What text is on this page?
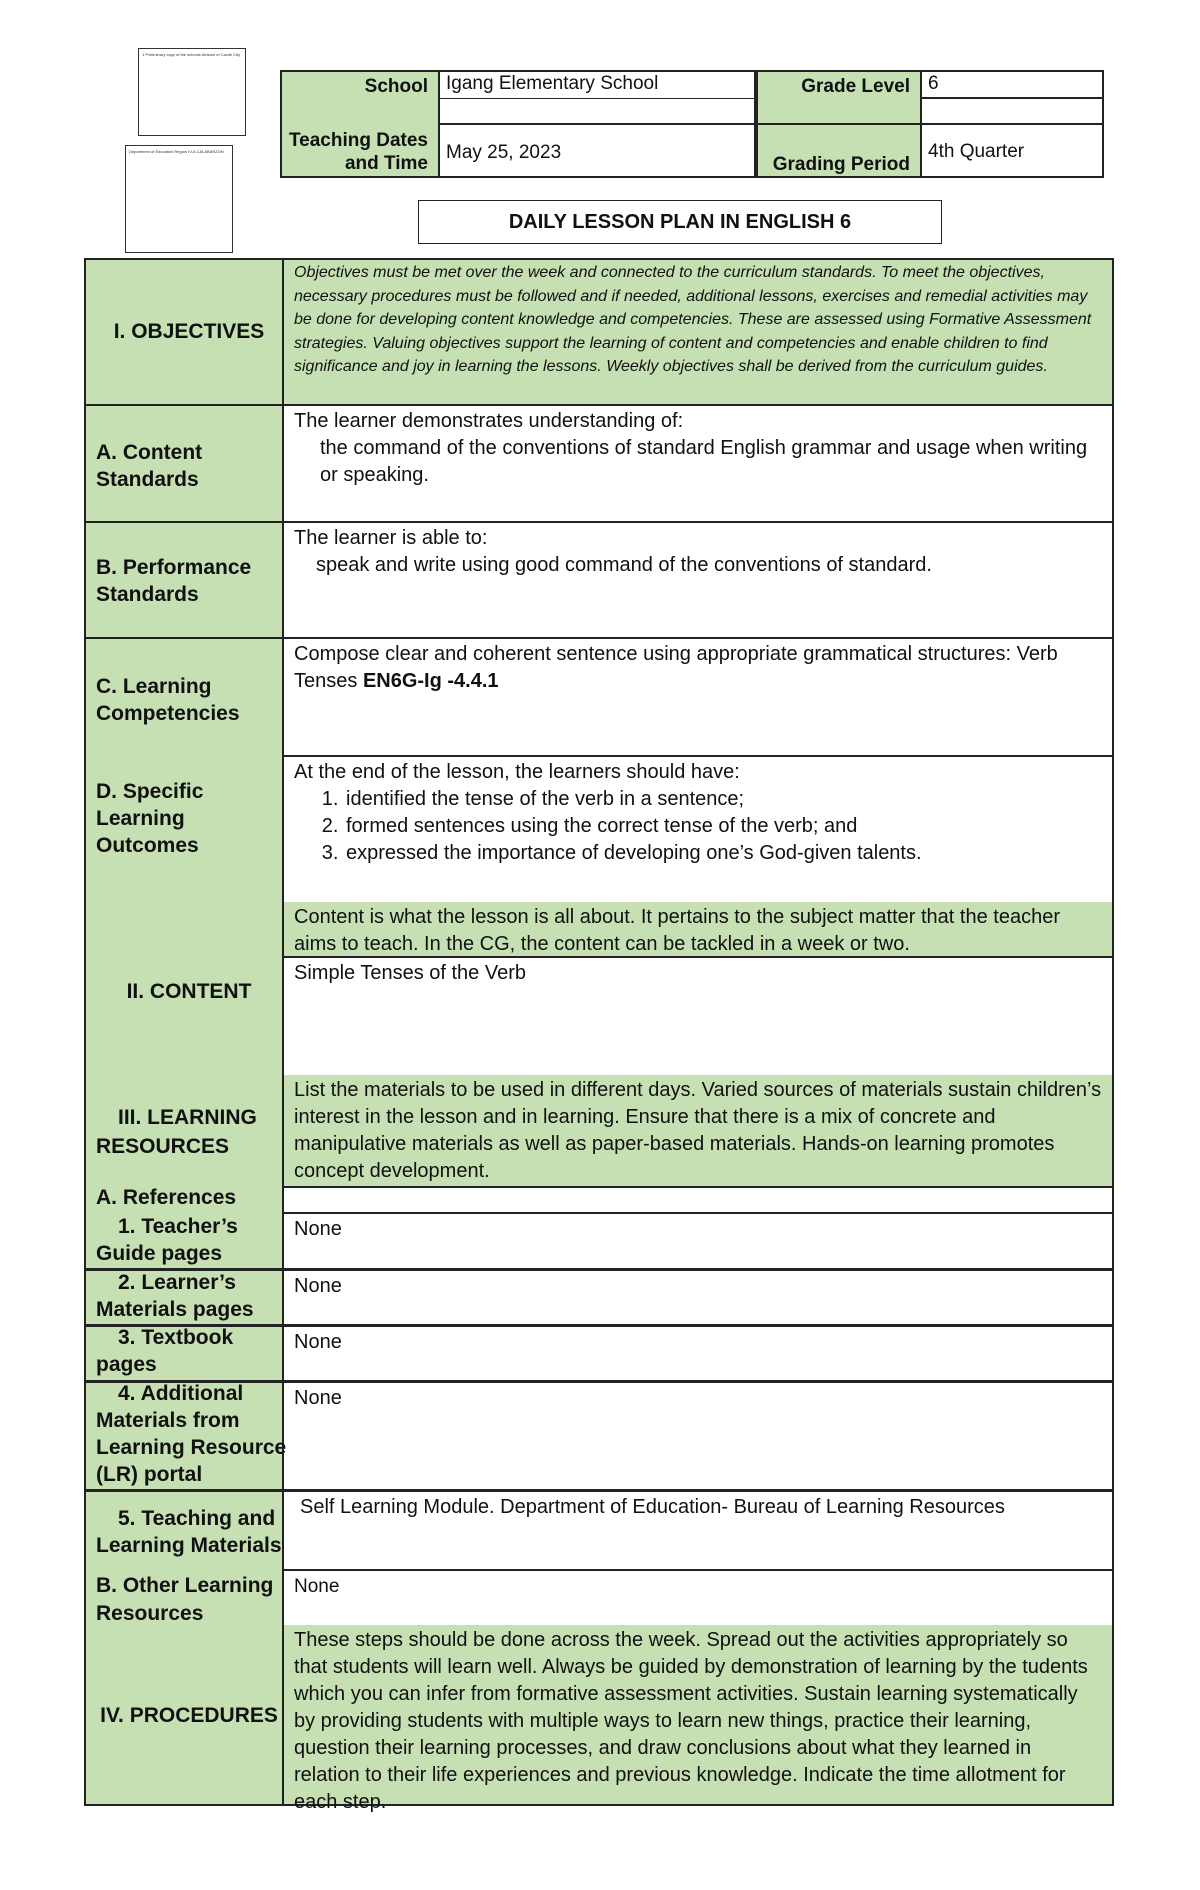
1 Preliminary copy of the schools division of Cavite City
Department of Education Region IV-A CALABARZON
School Igang Elementary School	Grade Level 6
Teaching Dates
and Time
May 25, 2023
Grading Period
4th Quarter
DAILY LESSON PLAN IN ENGLISH 6
Objectives must be met over the week and connected to the curriculum standards. To meet the objectives, necessary procedures must be followed and if needed, additional lessons, exercises and remedial activities may be done for developing content knowledge and competencies. These are assessed using Formative Assessment strategies. Valuing objectives support the learning of content and competencies and enable children to find significance and joy in learning the lessons. Weekly objectives shall be derived from the curriculum guides.
I. OBJECTIVES
The learner demonstrates understanding of:
the command of the conventions of standard English grammar and usage when writing or speaking.
A. Content
Standards
The learner is able to:
speak and write using good command of the conventions of standard.
B. Performance
Standards
Compose clear and coherent sentence using appropriate grammatical structures: Verb Tenses EN6G-Ig -4.4.1
C. Learning
Competencies
At the end of the lesson, the learners should have:
1. identified the tense of the verb in a sentence;
2. formed sentences using the correct tense of the verb; and
3. expressed the importance of developing one’s God-given talents.
D. Specific
Learning
Outcomes
Content is what the lesson is all about. It pertains to the subject matter that the teacher aims to teach. In the CG, the content can be tackled in a week or two.
Simple Tenses of the Verb
II. CONTENT
List the materials to be used in different days. Varied sources of materials sustain children’s interest in the lesson and in learning. Ensure that there is a mix of concrete and manipulative materials as well as paper-based materials. Hands-on learning promotes concept development.
III. LEARNING
RESOURCES
A. References
1. Teacher’s
Guide pages
None
2. Learner’s
Materials pages
None
3. Textbook
pages
None
4. Additional
Materials from
Learning Resource
(LR) portal
None
5. Teaching and
Learning Materials
Self Learning Module. Department of Education- Bureau of Learning Resources
B. Other Learning
Resources
None
These steps should be done across the week. Spread out the activities appropriately so that students will learn well. Always be guided by demonstration of learning by the tudents which you can infer from formative assessment activities. Sustain learning systematically by providing students with multiple ways to learn new things, practice their learning, question their learning processes, and draw conclusions about what they learned in relation to their life experiences and previous knowledge. Indicate the time allotment for each step.
IV. PROCEDURES
